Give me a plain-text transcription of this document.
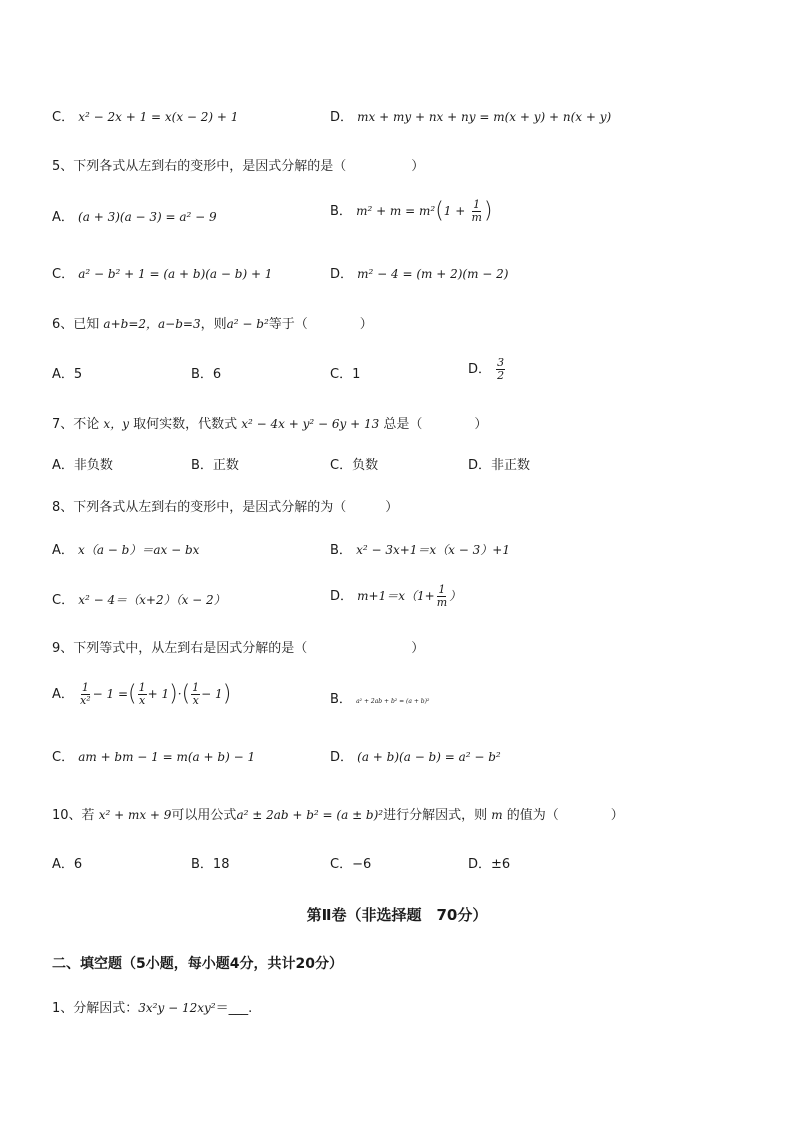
C． x² − 2x + 1 = x(x − 2) + 1	D． mx + my + nx + ny = m(x + y) + n(x + y)
5、下列各式从左到右的变形中，是因式分解的是（　　　　　）
A． (a + 3)(a − 3) = a² − 9	B． $m^2 + m = m^2(1 + \frac{1}{m}$ )
C． a² − b² + 1 = (a + b)(a − b) + 1	D． m² − 4 = (m + 2)(m − 2)
6、已知 a+b=2，a−b=3，则a² − b²等于（　　　　）
A．5	B．6	C．1	D． $\frac{3}{2}$
7、不论 x，y 取何实数，代数式 x² − 4x + y² − 6y + 13 总是（　　　　）
A．非负数	B．正数	C．负数	D．非正数
8、下列各式从左到右的变形中，是因式分解的为（　　　）
A． x（a − b）＝ax − bx	B． x² − 3x+1＝x（x − 3）+1
C． x² − 4＝（x+2）（x − 2）	D． $m+1=x(1+ \frac{1}{m}$ ）
9、下列等式中，从左到右是因式分解的是（　　　　　　　　）
A． $\frac{1}{\text{x²}} - 1$ =( $\frac{1}{x} + 1)\cdot( \frac{1}{x} - 1)$	B． a² + 2ab + b² = (a + b)²
C． am + bm − 1 = m(a + b) − 1	D． (a + b)(a − b) = a² − b²
10、若 x² + mx + 9可以用公式a² ± 2ab + b² = (a ± b)²进行分解因式，则 m 的值为（　　　　）
A．6	B．18	C．−6	D．±6
第Ⅱ卷（非选择题　70分）
二、填空题（5小题，每小题4分，共计20分）
1、分解因式：3x²y − 12xy²＝___.
